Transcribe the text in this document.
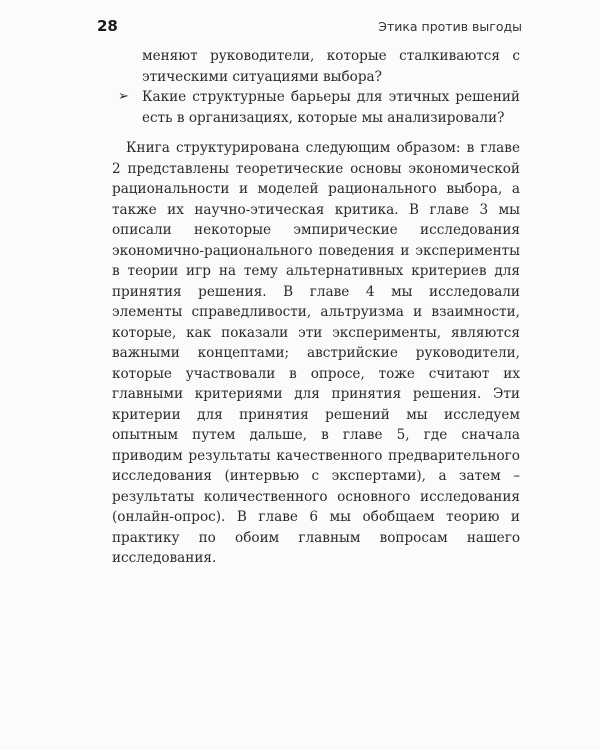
28	Этика против выгоды
меняют руководители, которые сталкиваются с этическими ситуациями выбора?
➢ Какие структурные барьеры для этичных решений есть в организациях, которые мы анализировали?

Книга структурирована следующим образом: в главе 2 представлены теоретические основы экономической рациональности и моделей рационального выбора, а также их научно-этическая критика. В главе 3 мы описали некоторые эмпирические исследования экономично-рационального поведения и эксперименты в теории игр на тему альтернативных критериев для принятия решения. В главе 4 мы исследовали элементы справедливости, альтруизма и взаимности, которые, как показали эти эксперименты, являются важными концептами; австрийские руководители, которые участвовали в опросе, тоже считают их главными критериями для принятия решения. Эти критерии для принятия решений мы исследуем опытным путем дальше, в главе 5, где сначала приводим результаты качественного предварительного исследования (интервью с экспертами), а затем – результаты количественного основного исследования (онлайн-опрос). В главе 6 мы обобщаем теорию и практику по обоим главным вопросам нашего исследования.
